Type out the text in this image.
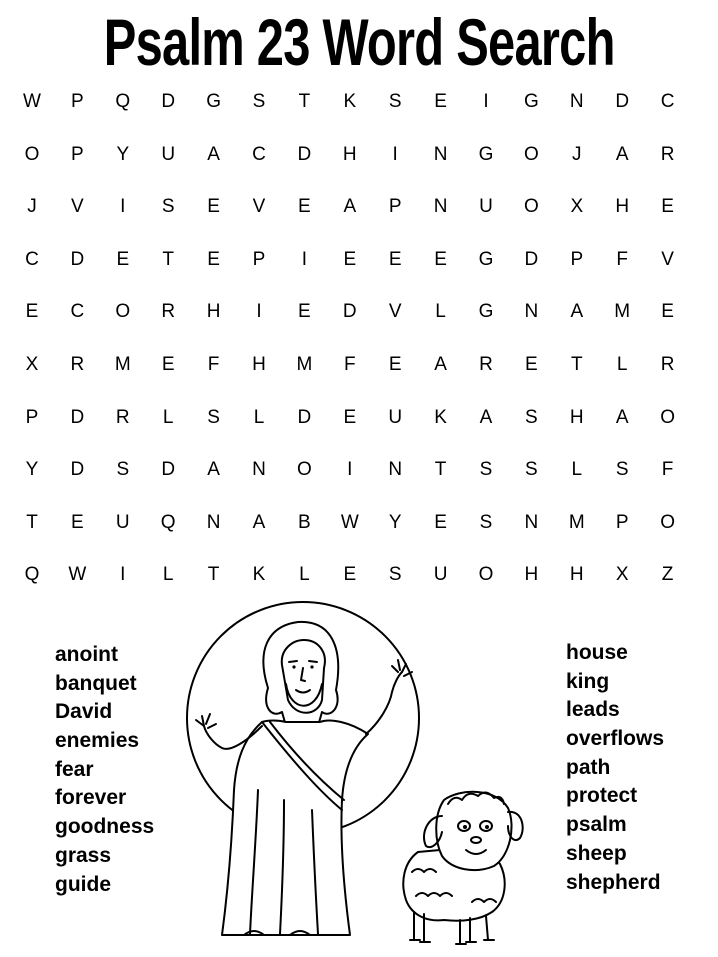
Psalm 23 Word Search
W	P	Q	D	G	S	T	K	S	E	I	G	N	D	C
O	P	Y	U	A	C	D	H	I	N	G	O	J	A	R
J	V	I	S	E	V	E	A	P	N	U	O	X	H	E
C	D	E	T	E	P	I	E	E	E	G	D	P	F	V
E	C	O	R	H	I	E	D	V	L	G	N	A	M	E
X	R	M	E	F	H	M	F	E	A	R	E	T	L	R
P	D	R	L	S	L	D	E	U	K	A	S	H	A	O
Y	D	S	D	A	N	O	I	N	T	S	S	L	S	F
T	E	U	Q	N	A	B	W	Y	E	S	N	M	P	O
Q	W	I	L	T	K	L	E	S	U	O	H	H	X	Z
anoint
banquet
David
enemies
fear
forever
goodness
grass
guide
house
king
leads
overflows
path
protect
psalm
sheep
shepherd
